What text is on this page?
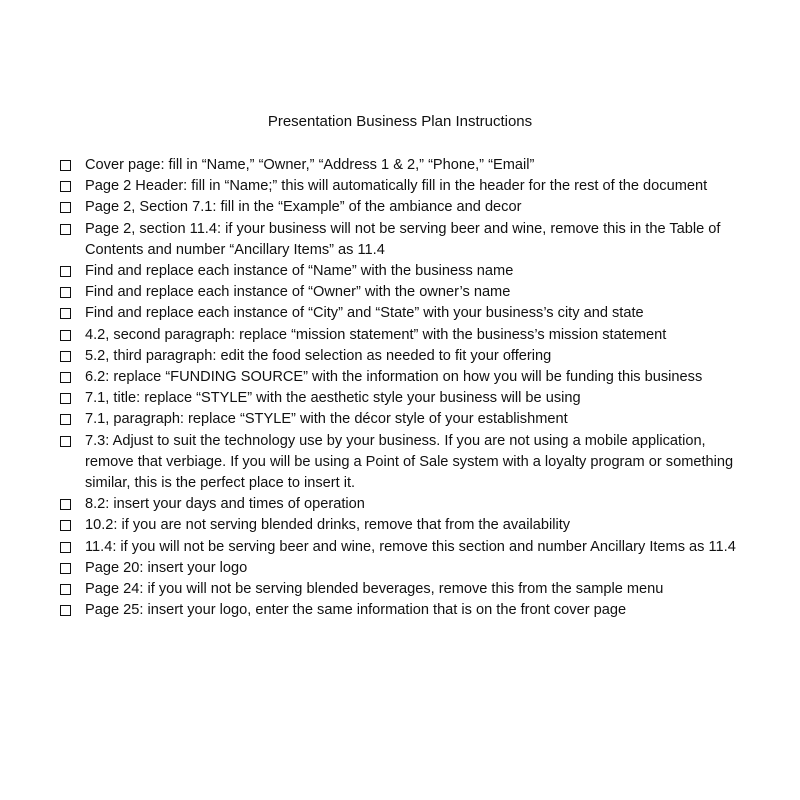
Presentation Business Plan Instructions
Cover page: fill in “Name,” “Owner,” “Address 1 & 2,” “Phone,” “Email”
Page 2 Header: fill in “Name;” this will automatically fill in the header for the rest of the document
Page 2, Section 7.1: fill in the “Example” of the ambiance and decor
Page 2, section 11.4: if your business will not be serving beer and wine, remove this in the Table of Contents and number “Ancillary Items” as 11.4
Find and replace each instance of “Name” with the business name
Find and replace each instance of “Owner” with the owner’s name
Find and replace each instance of “City” and “State” with your business’s city and state
4.2, second paragraph: replace “mission statement” with the business’s mission statement
5.2, third paragraph: edit the food selection as needed to fit your offering
6.2: replace “FUNDING SOURCE” with the information on how you will be funding this business
7.1, title: replace “STYLE” with the aesthetic style your business will be using
7.1, paragraph: replace “STYLE” with the décor style of your establishment
7.3: Adjust to suit the technology use by your business. If you are not using a mobile application, remove that verbiage. If you will be using a Point of Sale system with a loyalty program or something similar, this is the perfect place to insert it.
8.2: insert your days and times of operation
10.2: if you are not serving blended drinks, remove that from the availability
11.4: if you will not be serving beer and wine, remove this section and number Ancillary Items as 11.4
Page 20: insert your logo
Page 24: if you will not be serving blended beverages, remove this from the sample menu
Page 25: insert your logo, enter the same information that is on the front cover page
